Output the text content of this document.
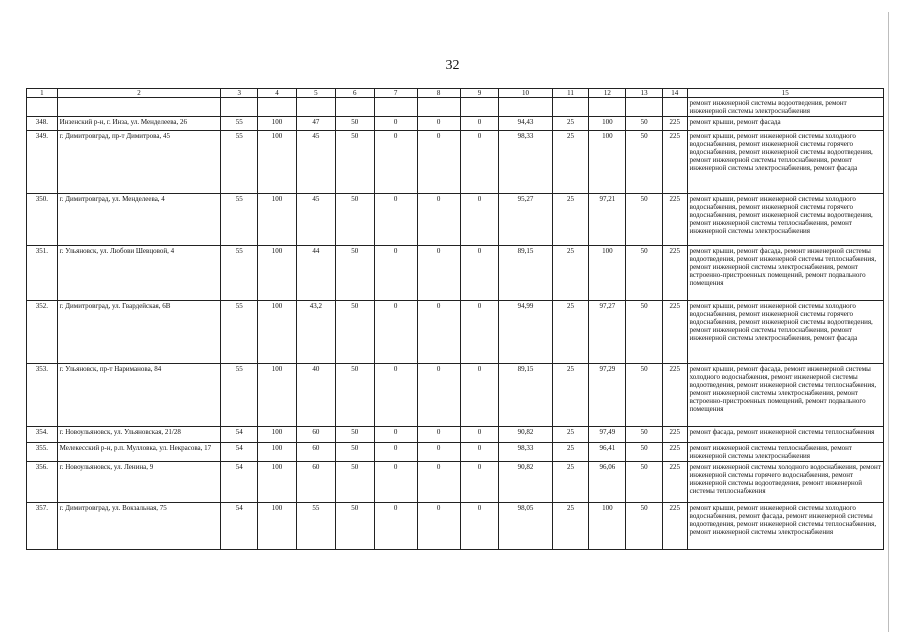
32
1	2	3	4	5	6	7	8	9	10	11	12	13	14	15
														ремонт инженерной системы водоотведения, ремонт инженерной системы электроснабжения
348.	Инзенский р-н, г. Инза, ул. Менделеева, 26	55	100	47	50	0	0	0	94,43	25	100	50	225	ремонт крыши, ремонт фасада
349.	г. Димитровград, пр-т Димитрова, 45	55	100	45	50	0	0	0	98,33	25	100	50	225	ремонт крыши, ремонт инженерной системы холодного водоснабжения, ремонт инженерной системы горячего водоснабжения, ремонт инженерной системы водоотведения, ремонт инженерной системы теплоснабжения, ремонт инженерной системы электроснабжения, ремонт фасада
350.	г. Димитровград, ул. Менделеева, 4	55	100	45	50	0	0	0	95,27	25	97,21	50	225	ремонт крыши, ремонт инженерной системы холодного водоснабжения, ремонт инженерной системы горячего водоснабжения, ремонт инженерной системы водоотведения, ремонт инженерной системы теплоснабжения, ремонт инженерной системы электроснабжения
351.	г. Ульяновск, ул. Любови Шевцовой, 4	55	100	44	50	0	0	0	89,15	25	100	50	225	ремонт крыши, ремонт фасада, ремонт инженерной системы водоотведения, ремонт инженерной системы теплоснабжения, ремонт инженерной системы электроснабжения, ремонт встроенно-пристроенных помещений, ремонт подвального помещения
352.	г. Димитровград, ул. Гвардейская, 6В	55	100	43,2	50	0	0	0	94,99	25	97,27	50	225	ремонт крыши, ремонт инженерной системы холодного водоснабжения, ремонт инженерной системы горячего водоснабжения, ремонт инженерной системы водоотведения, ремонт инженерной системы теплоснабжения, ремонт инженерной системы электроснабжения, ремонт фасада
353.	г. Ульяновск, пр-т Нариманова, 84	55	100	40	50	0	0	0	89,15	25	97,29	50	225	ремонт крыши, ремонт фасада, ремонт инженерной системы холодного водоснабжения, ремонт инженерной системы водоотведения, ремонт инженерной системы теплоснабжения, ремонт инженерной системы электроснабжения, ремонт встроенно-пристроенных помещений, ремонт подвального помещения
354.	г. Новоульяновск, ул. Ульяновская, 21/28	54	100	60	50	0	0	0	90,82	25	97,49	50	225	ремонт фасада, ремонт инженерной системы теплоснабжения
355.	Мелекесский р-н, р.п. Мулловка, ул. Некрасова, 17	54	100	60	50	0	0	0	98,33	25	96,41	50	225	ремонт инженерной системы теплоснабжения, ремонт инженерной системы электроснабжения
356.	г. Новоульяновск, ул. Ленина, 9	54	100	60	50	0	0	0	90,82	25	96,06	50	225	ремонт инженерной системы холодного водоснабжения, ремонт инженерной системы горячего водоснабжения, ремонт инженерной системы водоотведения, ремонт инженерной системы теплоснабжения
357.	г. Димитровград, ул. Вокзальная, 75	54	100	55	50	0	0	0	98,05	25	100	50	225	ремонт крыши, ремонт инженерной системы холодного водоснабжения, ремонт фасада, ремонт инженерной системы водоотведения, ремонт инженерной системы теплоснабжения, ремонт инженерной системы электроснабжения
